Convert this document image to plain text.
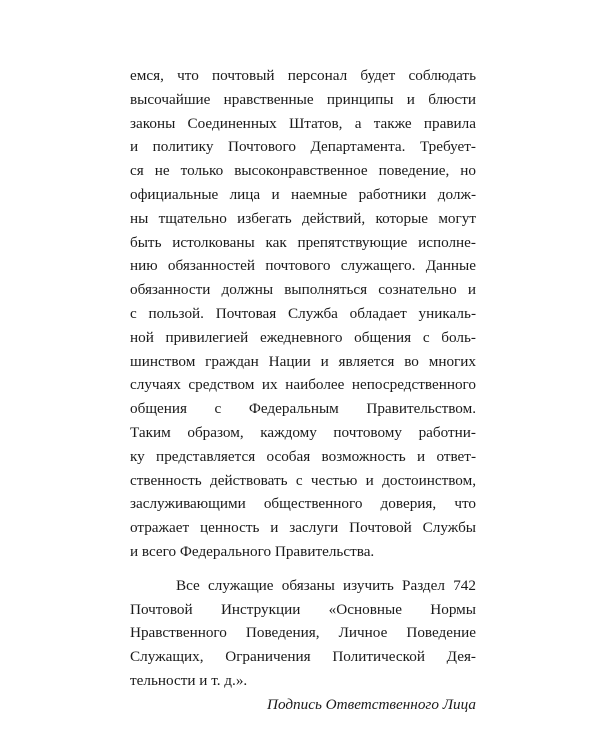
емся, что почтовый персонал будет соблюдать
высочайшие нравственные принципы и блюсти
законы Соединенных Штатов, а также правила
и политику Почтового Департамента. Требует-
ся не только высоконравственное поведение, но
официальные лица и наемные работники долж-
ны тщательно избегать действий, которые могут
быть истолкованы как препятствующие исполне-
нию обязанностей почтового служащего. Данные
обязанности должны выполняться сознательно и
с пользой. Почтовая Служба обладает уникаль-
ной привилегией ежедневного общения с боль-
шинством граждан Нации и является во многих
случаях средством их наиболее непосредственного
общения с Федеральным Правительством.
Таким образом, каждому почтовому работни-
ку представляется особая возможность и ответ-
ственность действовать с честью и достоинством,
заслуживающими общественного доверия, что
отражает ценность и заслуги Почтовой Службы
и всего Федерального Правительства.
Все служащие обязаны изучить Раздел 742
Почтовой Инструкции «Основные Нормы
Нравственного Поведения, Личное Поведение
Служащих, Ограничения Политической Дея-
тельности и т. д.».
Подпись Ответственного Лица
